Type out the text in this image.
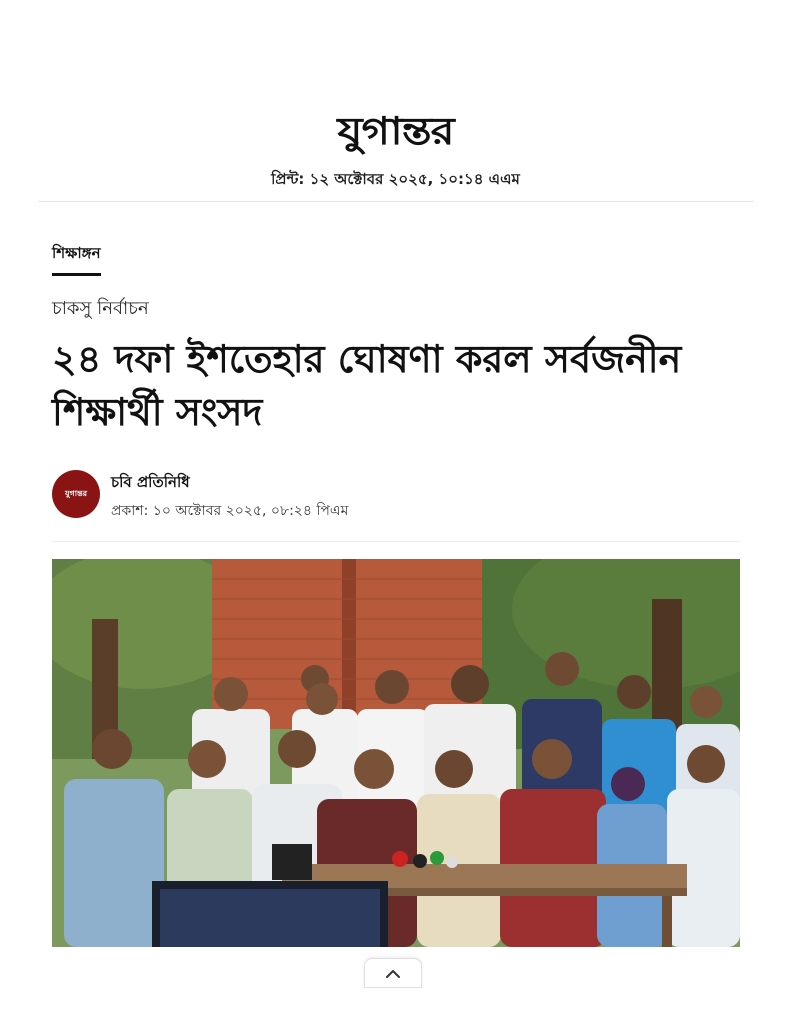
যুগান্তর
প্রিন্ট: ১২ অক্টোবর ২০২৫, ১০:১৪ এএম
শিক্ষাঙ্গন
চাকসু নির্বাচন
২৪ দফা ইশতেহার ঘোষণা করল সর্বজনীন শিক্ষার্থী সংসদ
যুগান্তর
চবি প্রতিনিধি
প্রকাশ: ১০ অক্টোবর ২০২৫, ০৮:২৪ পিএম
